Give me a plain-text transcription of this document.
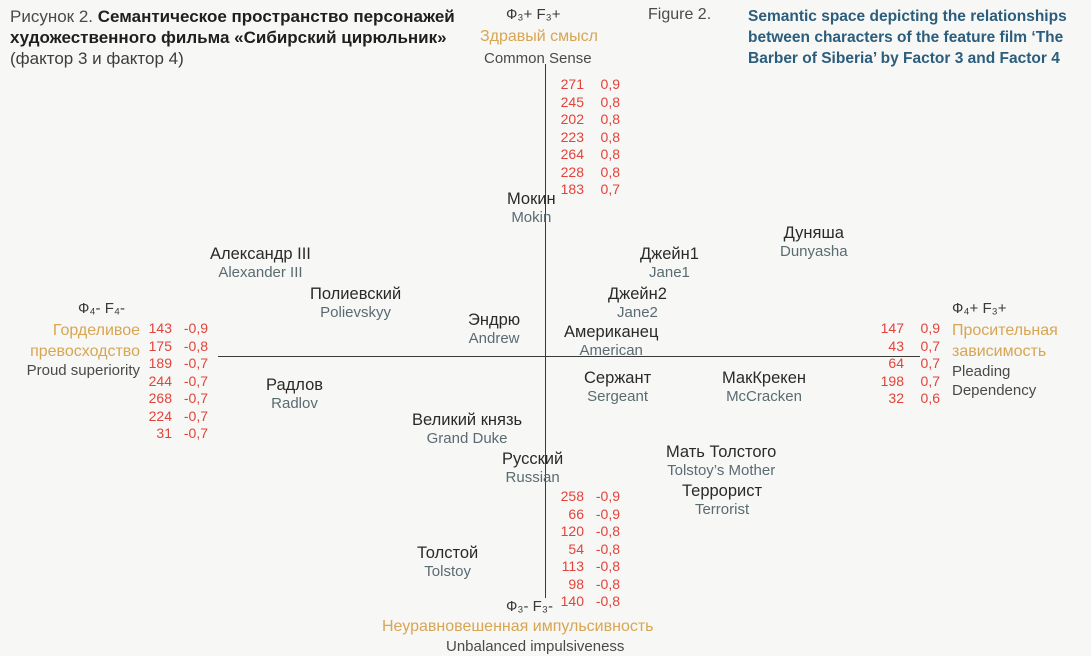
Рисунок 2. Семантическое пространство персонажей художественного фильма «Сибирский цирюльник» (фактор 3 и фактор 4)
Figure 2. Semantic space depicting the relationships between characters of the feature film ‘The Barber of Siberia’ by Factor 3 and Factor 4
Ф₃+ F₃+
Здравый смысл
Common Sense
Ф₃- F₃-
Неуравновешенная импульсивность
Unbalanced impulsiveness
Ф₄- F₄-
Горделивое превосходство
Proud superiority
Ф₄+ F₃+
Просительная зависимость
Pleading Dependency
271 0,9
245 0,8
202 0,8
223 0,8
264 0,8
228 0,8
183 0,7
258 -0,9
66 -0,9
120 -0,8
54 -0,8
113 -0,8
98 -0,8
140 -0,8
143 -0,9
175 -0,8
189 -0,7
244 -0,7
268 -0,7
224 -0,7
31 -0,7
147 0,9
43 0,7
64 0,7
198 0,7
32 0,6
Мокин
Mokin
Дуняша
Dunyasha
Александр III
Alexander III
Джейн1
Jane1
Полиевский
Polievskyy
Джейн2
Jane2
Эндрю
Andrew	Американец
American
Радлов
Radlov
Сержант
Sergeant
МакКрекен
McCracken
Великий князь
Grand Duke
Русский
Russian
Мать Толстого
Tolstoy’s Mother
Террорист
Terrorist
Толстой
Tolstoy
